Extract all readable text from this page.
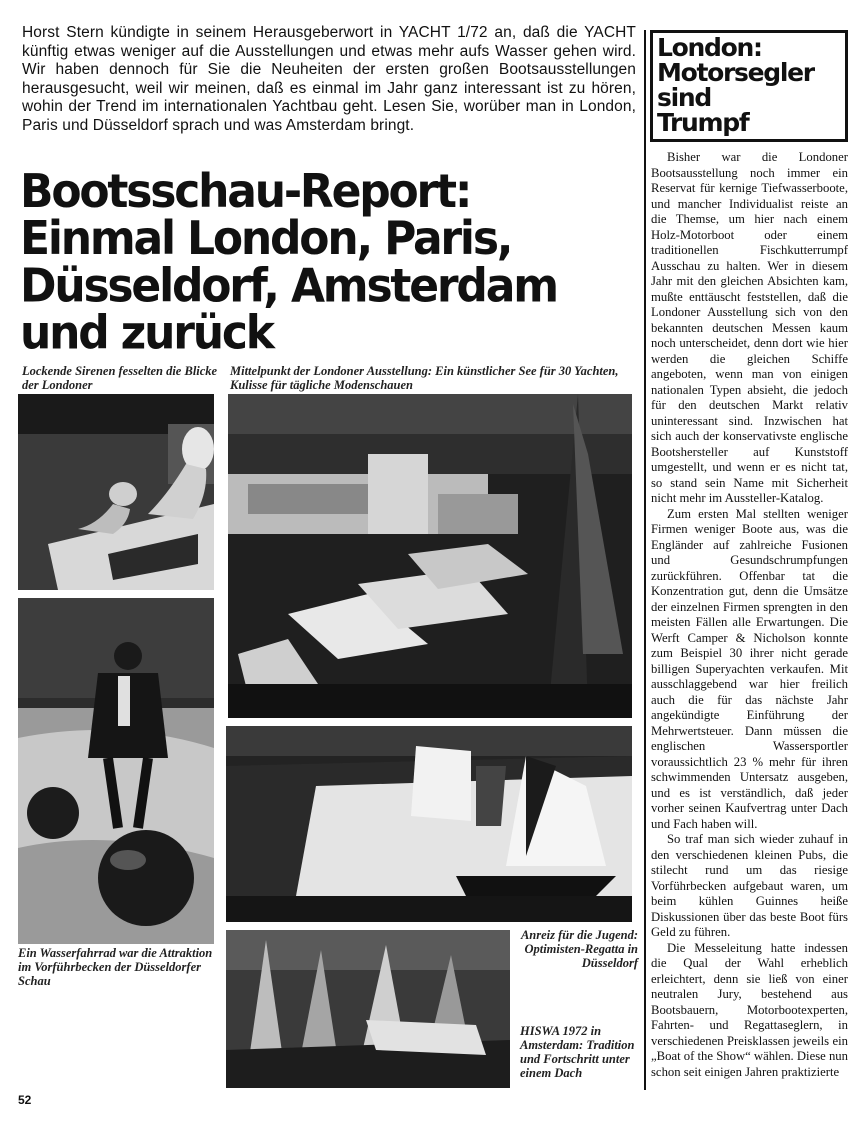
Horst Stern kündigte in seinem Herausgeberwort in YACHT 1/72 an, daß die YACHT künftig etwas weniger auf die Ausstellungen und etwas mehr aufs Wasser gehen wird. Wir haben dennoch für Sie die Neuheiten der ersten großen Bootsausstellungen herausgesucht, weil wir meinen, daß es einmal im Jahr ganz interessant ist zu hören, wohin der Trend im internationalen Yachtbau geht. Lesen Sie, worüber man in London, Paris und Düsseldorf sprach und was Amsterdam bringt.
Bootsschau-Report:
Einmal London, Paris,
Düsseldorf, Amsterdam
und zurück
London:
Motorsegler
sind
Trumpf

Bisher war die Londoner Bootsausstellung noch immer ein Reservat für kernige Tiefwasserboote, und mancher Individualist reiste an die Themse, um hier nach einem Holz-Motorboot oder einem traditionellen Fischkutterrumpf Ausschau zu halten. Wer in diesem Jahr mit den gleichen Absichten kam, mußte enttäuscht feststellen, daß die Londoner Ausstellung sich von den bekannten deutschen Messen kaum noch unterscheidet, denn dort wie hier werden die gleichen Schiffe angeboten, wenn man von einigen nationalen Typen absieht, die jedoch für den deutschen Markt relativ uninteressant sind. Inzwischen hat sich auch der konservativste englische Bootshersteller auf Kunststoff umgestellt, und wenn er es nicht tat, so stand sein Name mit Sicherheit nicht mehr im Aussteller-Katalog.

Zum ersten Mal stellten weniger Firmen weniger Boote aus, was die Engländer auf zahlreiche Fusionen und Gesundschrumpfungen zurückführen. Offenbar tat die Konzentration gut, denn die Umsätze der einzelnen Firmen sprengten in den meisten Fällen alle Erwartungen. Die Werft Camper & Nicholson konnte zum Beispiel 30 ihrer nicht gerade billigen Superyachten verkaufen. Mit ausschlaggebend war hier freilich auch die für das nächste Jahr angekündigte Einführung der Mehrwertsteuer. Dann müssen die englischen Wassersportler voraussichtlich 23 % mehr für ihren schwimmenden Untersatz ausgeben, und es ist verständlich, daß jeder vorher seinen Kaufvertrag unter Dach und Fach haben will.

So traf man sich wieder zuhauf in den verschiedenen kleinen Pubs, die stilecht rund um das riesige Vorführbecken aufgebaut waren, um beim kühlen Guinnes heiße Diskussionen über das beste Boot fürs Geld zu führen.

Die Messeleitung hatte indessen die Qual der Wahl erheblich erleichtert, denn sie ließ von einer neutralen Jury, bestehend aus Bootsbauern, Motorbootexperten, Fahrten- und Regattaseglern, in verschiedenen Preisklassen jeweils ein „Boat of the Show“ wählen. Diese nun schon seit einigen Jahren praktizierte

Lockende Sirenen fesselten die Blicke der Londoner
Mittelpunkt der Londoner Ausstellung: Ein künstlicher See für 30 Yachten, Kulisse für tägliche Modenschauen
Ein Wasserfahrrad war die Attraktion im Vorführbecken der Düsseldorfer Schau
Anreiz für die Jugend: Optimisten-Regatta in Düsseldorf
HISWA 1972 in Amsterdam: Tradition und Fortschritt unter einem Dach
52
